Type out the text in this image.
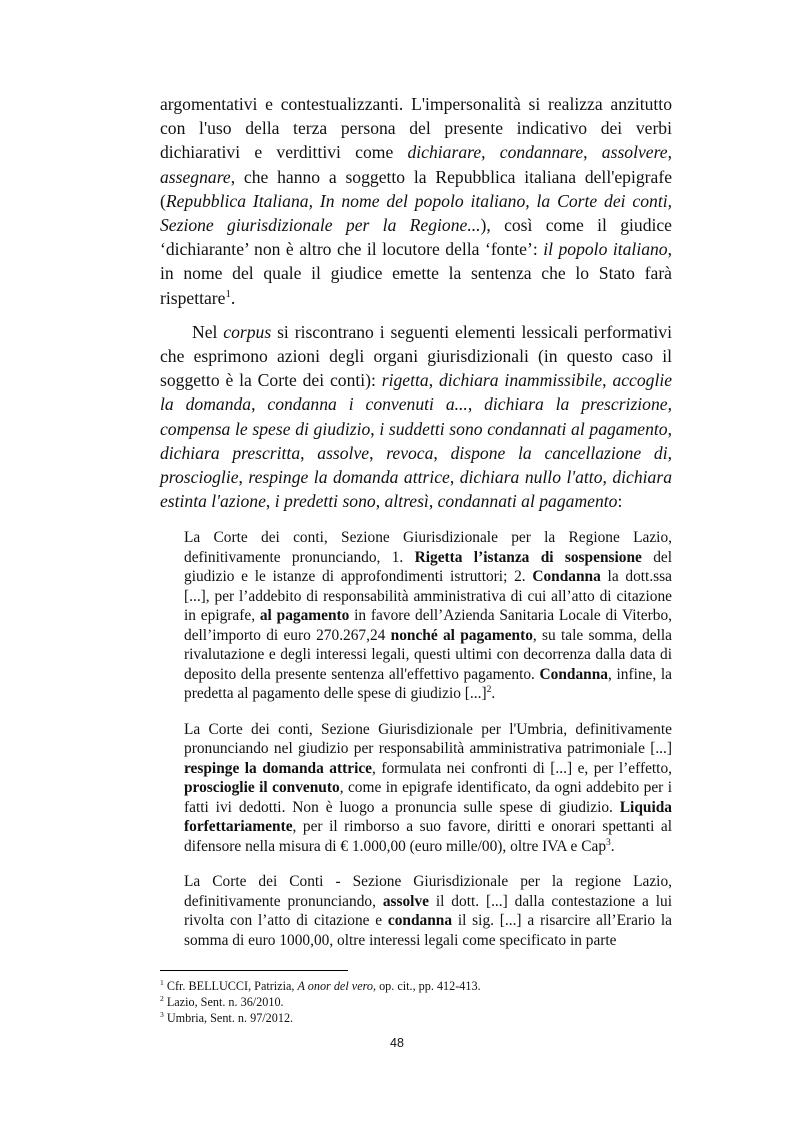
argomentativi e contestualizzanti. L'impersonalità si realizza anzitutto con l'uso della terza persona del presente indicativo dei verbi dichiarativi e verdittivi come dichiarare, condannare, assolvere, assegnare, che hanno a soggetto la Repubblica italiana dell'epigrafe (Repubblica Italiana, In nome del popolo italiano, la Corte dei conti, Sezione giurisdizionale per la Regione...), così come il giudice ‘dichiarante’ non è altro che il locutore della ‘fonte’: il popolo italiano, in nome del quale il giudice emette la sentenza che lo Stato farà rispettare$^1$.

Nel corpus si riscontrano i seguenti elementi lessicali performativi che esprimono azioni degli organi giurisdizionali (in questo caso il soggetto è la Corte dei conti): rigetta, dichiara inammissibile, accoglie la domanda, condanna i convenuti a..., dichiara la prescrizione, compensa le spese di giudizio, i suddetti sono condannati al pagamento, dichiara prescritta, assolve, revoca, dispone la cancellazione di, proscioglie, respinge la domanda attrice, dichiara nullo l'atto, dichiara estinta l'azione, i predetti sono, altresì, condannati al pagamento:

La Corte dei conti, Sezione Giurisdizionale per la Regione Lazio, definitivamente pronunciando, 1. Rigetta l’istanza di sospensione del giudizio e le istanze di approfondimenti istruttori; 2. Condanna la dott.ssa [...], per l’addebito di responsabilità amministrativa di cui all’atto di citazione in epigrafe, al pagamento in favore dell’Azienda Sanitaria Locale di Viterbo, dell’importo di euro 270.267,24 nonché al pagamento, su tale somma, della rivalutazione e degli interessi legali, questi ultimi con decorrenza dalla data di deposito della presente sentenza all'effettivo pagamento. Condanna, infine, la predetta al pagamento delle spese di giudizio [...]$^2$.

La Corte dei conti, Sezione Giurisdizionale per l'Umbria, definitivamente pronunciando nel giudizio per responsabilità amministrativa patrimoniale [...] respinge la domanda attrice, formulata nei confronti di [...] e, per l’effetto, proscioglie il convenuto, come in epigrafe identificato, da ogni addebito per i fatti ivi dedotti. Non è luogo a pronuncia sulle spese di giudizio. Liquida forfettariamente, per il rimborso a suo favore, diritti e onorari spettanti al difensore nella misura di € 1.000,00 (euro mille/00), oltre IVA e Cap$^3$.

La Corte dei Conti - Sezione Giurisdizionale per la regione Lazio, definitivamente pronunciando, assolve il dott. [...] dalla contestazione a lui rivolta con l’atto di citazione e condanna il sig. [...] a risarcire all’Erario la somma di euro 1000,00, oltre interessi legali come specificato in parte

$^1$ Cfr. BELLUCCI, Patrizia, A onor del vero, op. cit., pp. 412-413.

$^2$ Lazio, Sent. n. 36/2010.

$^3$ Umbria, Sent. n. 97/2012.

48
